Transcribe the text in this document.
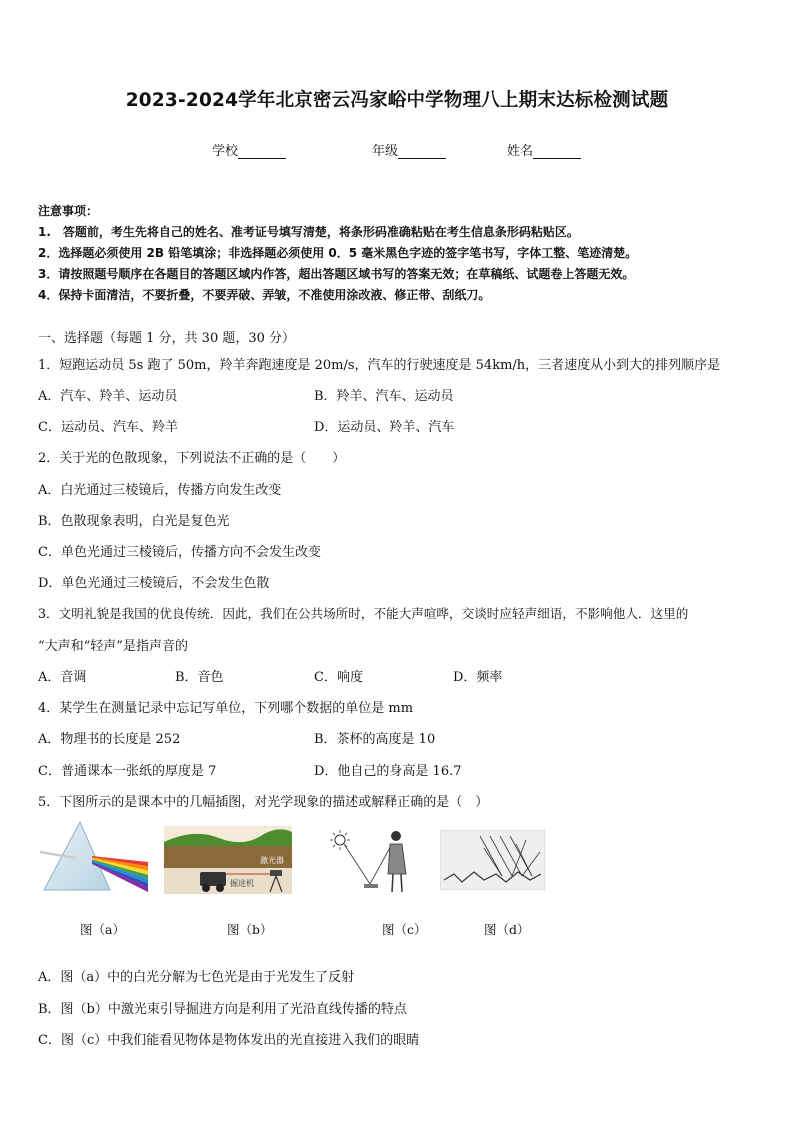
2023-2024学年北京密云冯家峪中学物理八上期末达标检测试题
学校	年级	姓名
注意事项：
1.　答题前，考生先将自己的姓名、准考证号填写清楚，将条形码准确粘贴在考生信息条形码粘贴区。
2．选择题必须使用 2B 铅笔填涂；非选择题必须使用 0．5 毫米黑色字迹的签字笔书写，字体工整、笔迹清楚。
3．请按照题号顺序在各题目的答题区域内作答，超出答题区域书写的答案无效；在草稿纸、试题卷上答题无效。
4．保持卡面清洁，不要折叠，不要弄破、弄皱，不准使用涂改液、修正带、刮纸刀。
一、选择题（每题 1 分，共 30 题，30 分）
1．短跑运动员 5s 跑了 50m，羚羊奔跑速度是 20m/s，汽车的行驶速度是 54km/h，三者速度从小到大的排列顺序是
A．汽车、羚羊、运动员	B．羚羊、汽车、运动员
C．运动员、汽车、羚羊	D．运动员、羚羊、汽车
2．关于光的色散现象，下列说法不正确的是（　　）
A．白光通过三棱镜后，传播方向发生改变
B．色散现象表明，白光是复色光
C．单色光通过三棱镜后，传播方向不会发生改变
D．单色光通过三棱镜后，不会发生色散
3．文明礼貌是我国的优良传统．因此，我们在公共场所时，不能大声喧哗，交谈时应轻声细语，不影响他人．这里的
“大声和“轻声”是指声音的
A．音调	B．音色	C．响度	D．频率
4．某学生在测量记录中忘记写单位，下列哪个数据的单位是 mm
A．物理书的长度是 252	B．茶杯的高度是 10
C．普通课本一张纸的厚度是 7	D．他自己的身高是 16.7
5．下图所示的是课本中的几幅插图，对光学现象的描述或解释正确的是（　）
激光器
掘进机
图（a）	图（b）	图（c）	图（d）
A．图（a）中的白光分解为七色光是由于光发生了反射
B．图（b）中激光束引导掘进方向是利用了光沿直线传播的特点
C．图（c）中我们能看见物体是物体发出的光直接进入我们的眼睛
